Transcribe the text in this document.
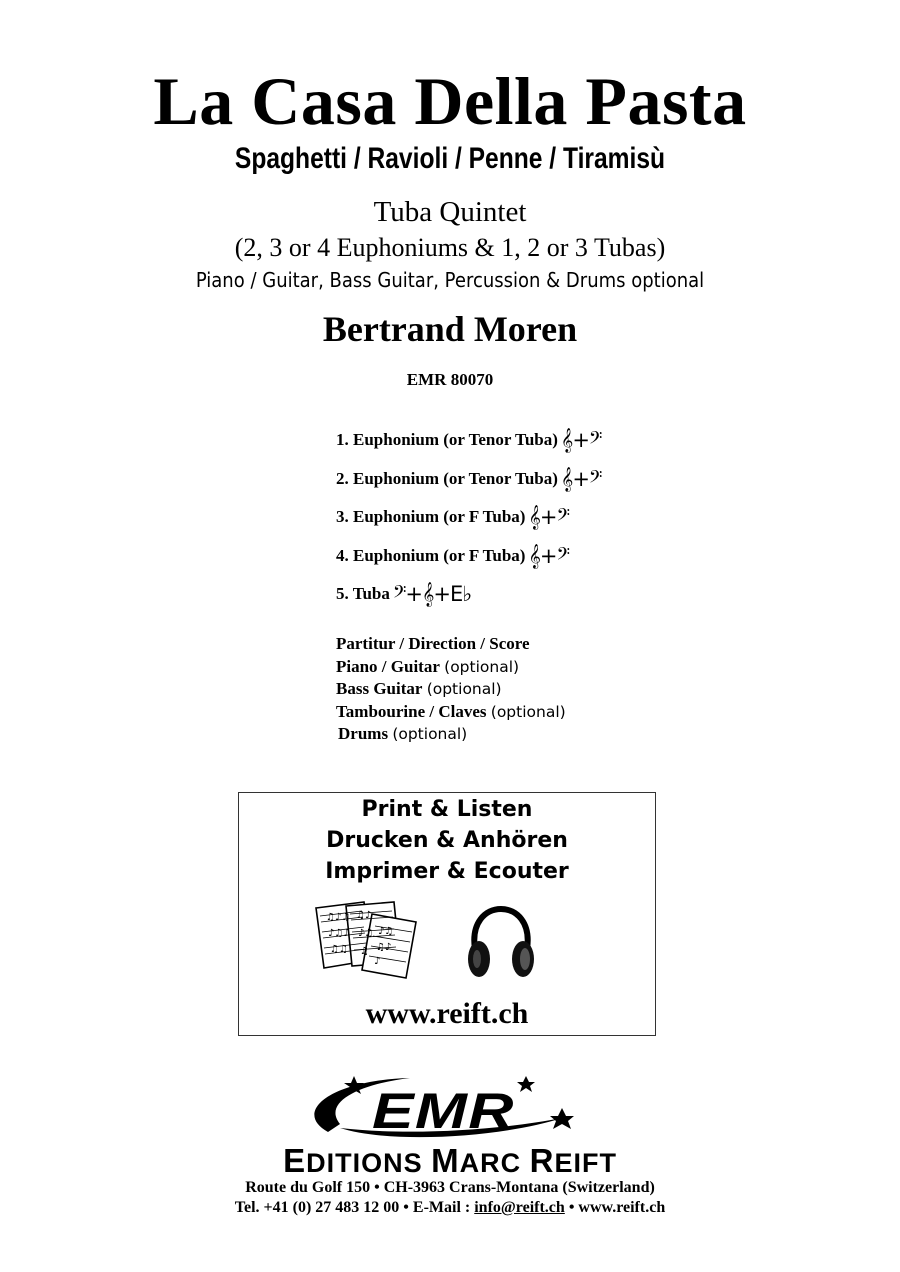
La Casa Della Pasta
Spaghetti / Ravioli / Penne / Tiramisù
Tuba Quintet
(2, 3 or 4 Euphoniums & 1, 2 or 3 Tubas)
Piano / Guitar, Bass Guitar, Percussion & Drums optional
Bertrand Moren
EMR 80070
1. Euphonium (or Tenor Tuba) 𝄞+𝄢
2. Euphonium (or Tenor Tuba) 𝄞+𝄢
3. Euphonium (or F Tuba) 𝄞+𝄢
4. Euphonium (or F Tuba) 𝄞+𝄢
5. Tuba 𝄢+𝄞+E♭
Partitur / Direction / Score
Piano / Guitar (optional)
Bass Guitar (optional)
Tambourine / Claves (optional)
Drums (optional)
Print & Listen
Drucken & Anhören
Imprimer & Ecouter
♫♪♫
♪♫♪
♫♫
♫♪
♪♫
♫
♪♫
♫♪
♪
www.reift.ch
EMR
EDITIONS MARC REIFT
Route du Golf 150 • CH-3963 Crans-Montana (Switzerland)
Tel. +41 (0) 27 483 12 00 • E-Mail : info@reift.ch • www.reift.ch
